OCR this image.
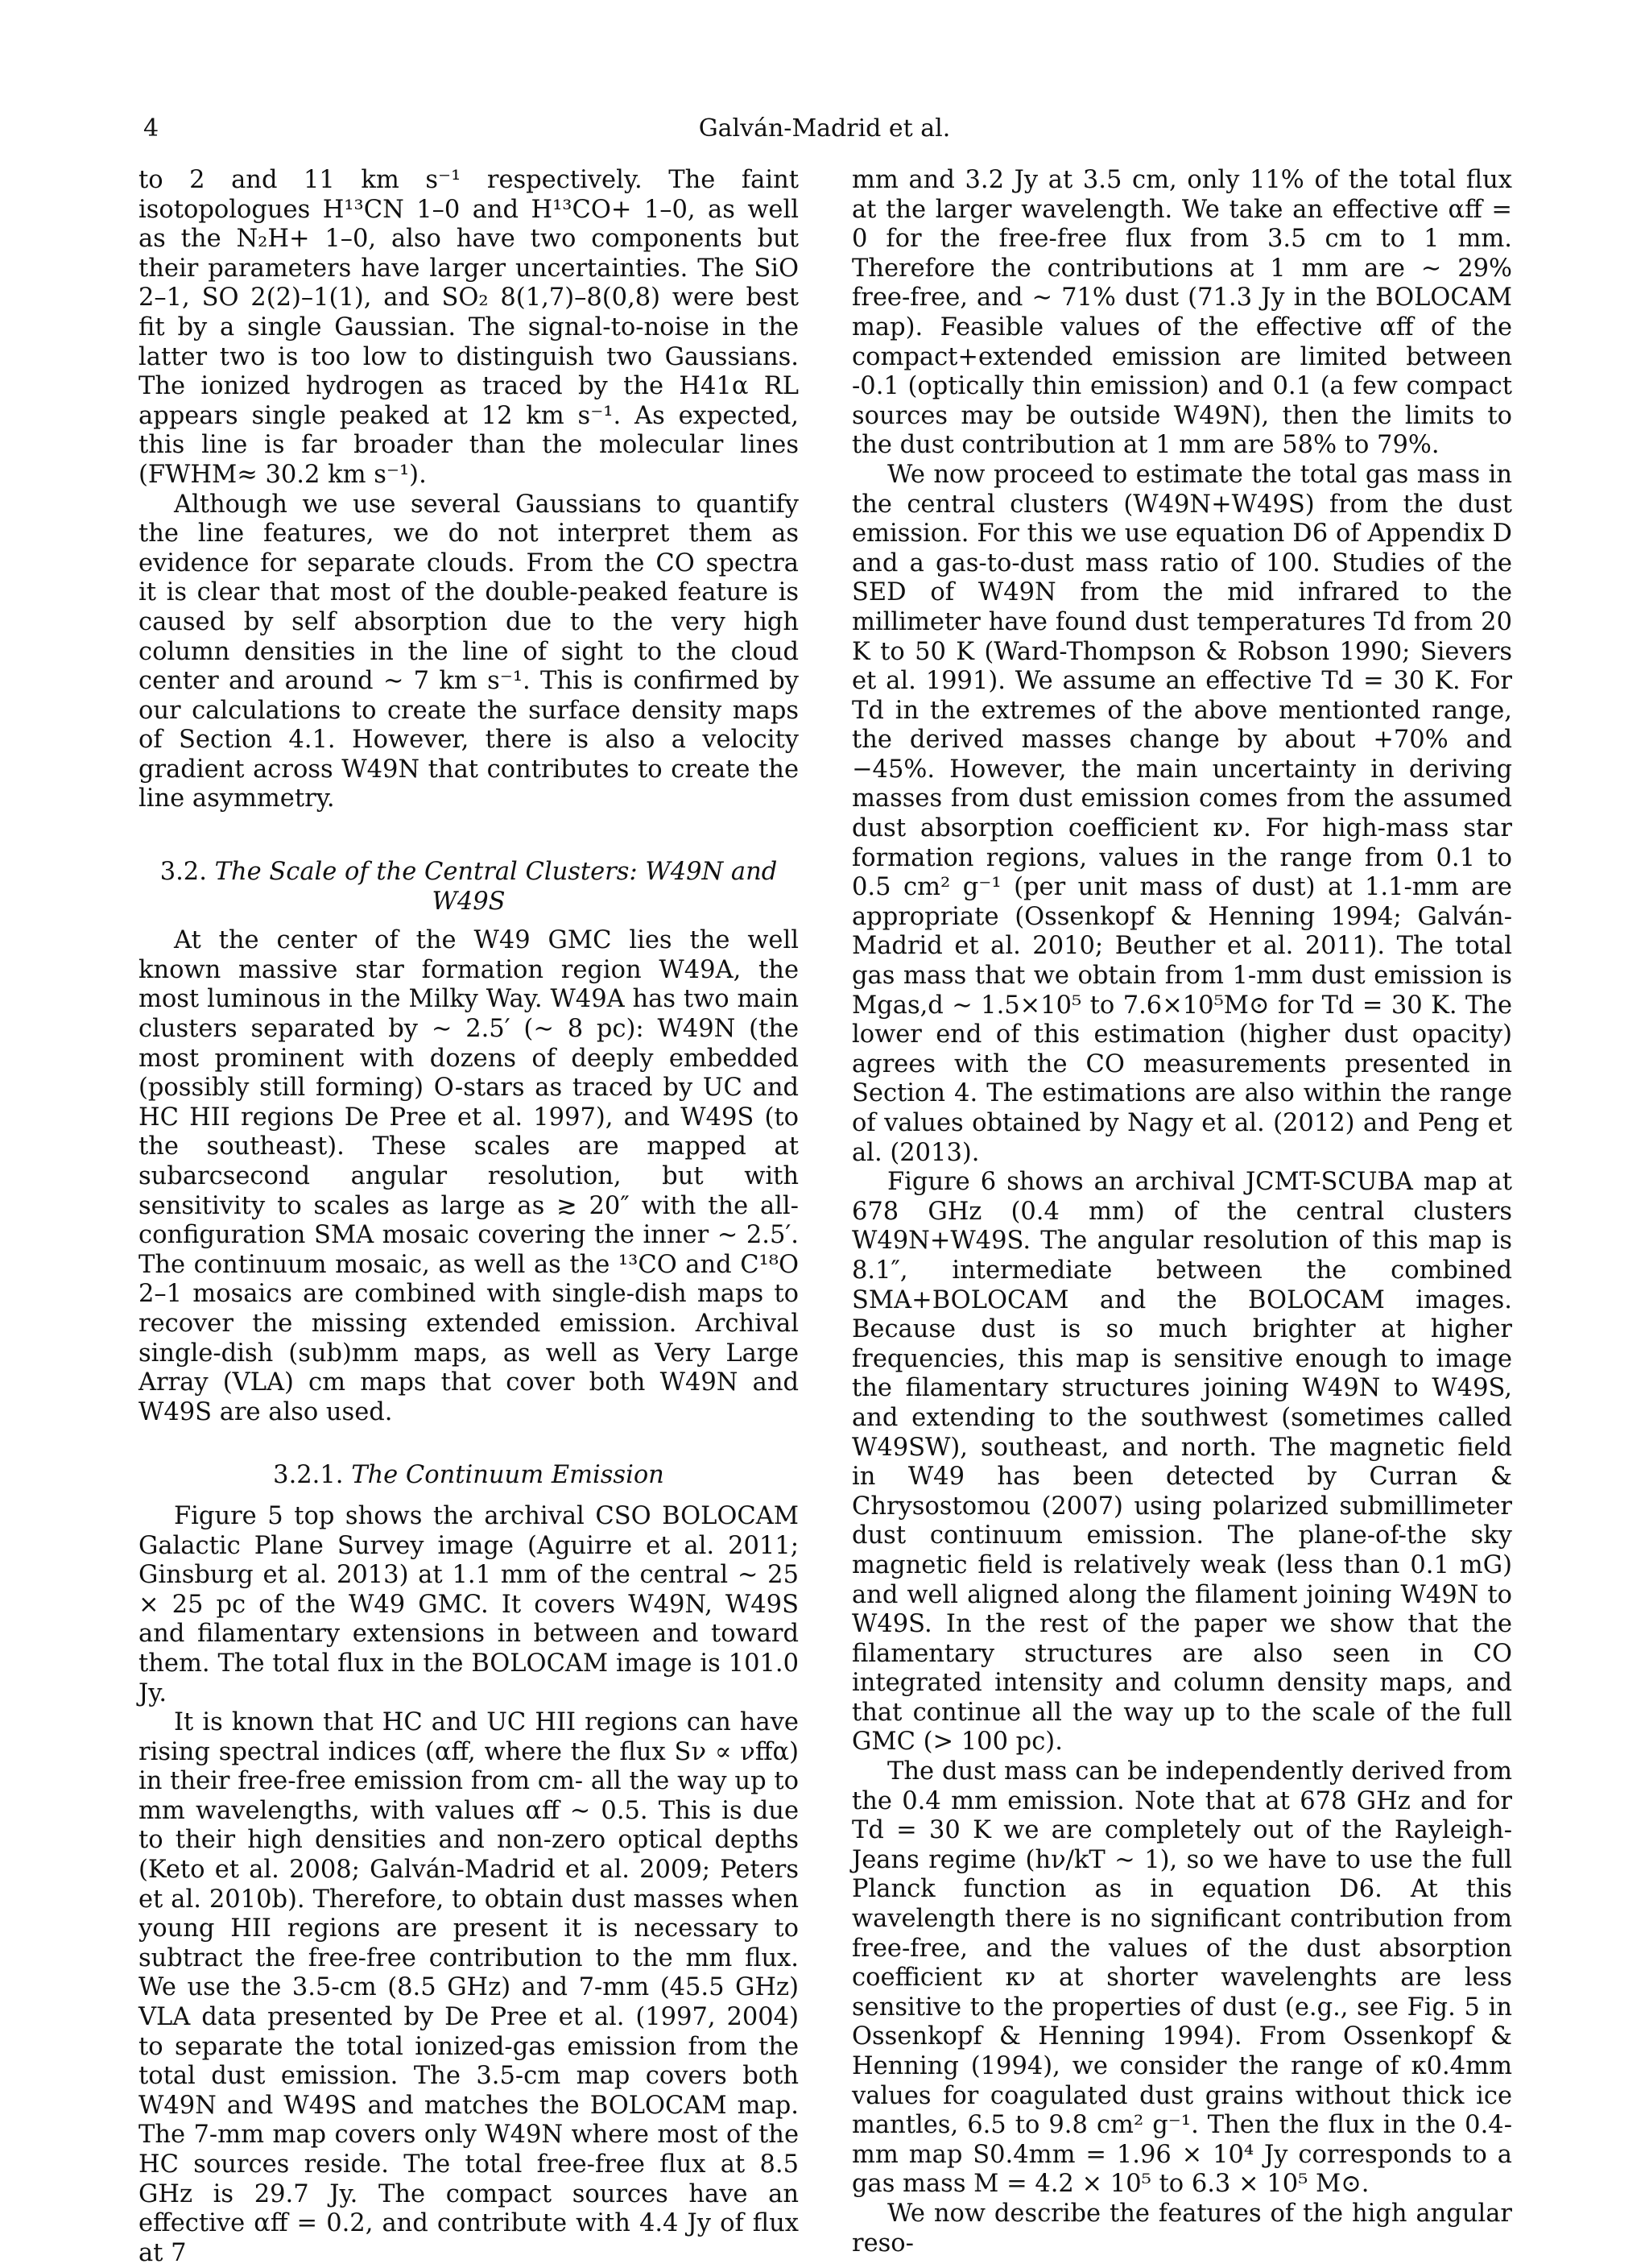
4	Galván-Madrid et al.

to 2 and 11 km s⁻¹ respectively. The faint isotopologues H¹³CN 1–0 and H¹³CO+ 1–0, as well as the N₂H+ 1–0, also have two components but their parameters have larger uncertainties. The SiO 2–1, SO 2(2)–1(1), and SO₂ 8(1,7)–8(0,8) were best fit by a single Gaussian. The signal-to-noise in the latter two is too low to distinguish two Gaussians. The ionized hydrogen as traced by the H41α RL appears single peaked at 12 km s⁻¹. As expected, this line is far broader than the molecular lines (FWHM≈ 30.2 km s⁻¹).

Although we use several Gaussians to quantify the line features, we do not interpret them as evidence for separate clouds. From the CO spectra it is clear that most of the double-peaked feature is caused by self absorption due to the very high column densities in the line of sight to the cloud center and around ∼ 7 km s⁻¹. This is confirmed by our calculations to create the surface density maps of Section 4.1. However, there is also a velocity gradient across W49N that contributes to create the line asymmetry.

3.2. The Scale of the Central Clusters: W49N and W49S

At the center of the W49 GMC lies the well known massive star formation region W49A, the most luminous in the Milky Way. W49A has two main clusters separated by ∼ 2.5′ (∼ 8 pc): W49N (the most prominent with dozens of deeply embedded (possibly still forming) O-stars as traced by UC and HC HII regions De Pree et al. 1997), and W49S (to the southeast). These scales are mapped at subarcsecond angular resolution, but with sensitivity to scales as large as ≳ 20″ with the all-configuration SMA mosaic covering the inner ∼ 2.5′. The continuum mosaic, as well as the ¹³CO and C¹⁸O 2–1 mosaics are combined with single-dish maps to recover the missing extended emission. Archival single-dish (sub)mm maps, as well as Very Large Array (VLA) cm maps that cover both W49N and W49S are also used.

3.2.1. The Continuum Emission

Figure 5 top shows the archival CSO BOLOCAM Galactic Plane Survey image (Aguirre et al. 2011; Ginsburg et al. 2013) at 1.1 mm of the central ∼ 25 × 25 pc of the W49 GMC. It covers W49N, W49S and filamentary extensions in between and toward them. The total flux in the BOLOCAM image is 101.0 Jy.

It is known that HC and UC HII regions can have rising spectral indices (αff, where the flux Sν ∝ νffα) in their free-free emission from cm- all the way up to mm wavelengths, with values αff ∼ 0.5. This is due to their high densities and non-zero optical depths (Keto et al. 2008; Galván-Madrid et al. 2009; Peters et al. 2010b). Therefore, to obtain dust masses when young HII regions are present it is necessary to subtract the free-free contribution to the mm flux. We use the 3.5-cm (8.5 GHz) and 7-mm (45.5 GHz) VLA data presented by De Pree et al. (1997, 2004) to separate the total ionized-gas emission from the total dust emission. The 3.5-cm map covers both W49N and W49S and matches the BOLOCAM map. The 7-mm map covers only W49N where most of the HC sources reside. The total free-free flux at 8.5 GHz is 29.7 Jy. The compact sources have an effective αff = 0.2, and contribute with 4.4 Jy of flux at 7

mm and 3.2 Jy at 3.5 cm, only 11% of the total flux at the larger wavelength. We take an effective αff = 0 for the free-free flux from 3.5 cm to 1 mm. Therefore the contributions at 1 mm are ∼ 29% free-free, and ∼ 71% dust (71.3 Jy in the BOLOCAM map). Feasible values of the effective αff of the compact+extended emission are limited between -0.1 (optically thin emission) and 0.1 (a few compact sources may be outside W49N), then the limits to the dust contribution at 1 mm are 58% to 79%.

We now proceed to estimate the total gas mass in the central clusters (W49N+W49S) from the dust emission. For this we use equation D6 of Appendix D and a gas-to-dust mass ratio of 100. Studies of the SED of W49N from the mid infrared to the millimeter have found dust temperatures Td from 20 K to 50 K (Ward-Thompson & Robson 1990; Sievers et al. 1991). We assume an effective Td = 30 K. For Td in the extremes of the above mentionted range, the derived masses change by about +70% and −45%. However, the main uncertainty in deriving masses from dust emission comes from the assumed dust absorption coefficient κν. For high-mass star formation regions, values in the range from 0.1 to 0.5 cm² g⁻¹ (per unit mass of dust) at 1.1-mm are appropriate (Ossenkopf & Henning 1994; Galván-Madrid et al. 2010; Beuther et al. 2011). The total gas mass that we obtain from 1-mm dust emission is Mgas,d ∼ 1.5×10⁵ to 7.6×10⁵M⊙ for Td = 30 K. The lower end of this estimation (higher dust opacity) agrees with the CO measurements presented in Section 4. The estimations are also within the range of values obtained by Nagy et al. (2012) and Peng et al. (2013).

Figure 6 shows an archival JCMT-SCUBA map at 678 GHz (0.4 mm) of the central clusters W49N+W49S. The angular resolution of this map is 8.1″, intermediate between the combined SMA+BOLOCAM and the BOLOCAM images. Because dust is so much brighter at higher frequencies, this map is sensitive enough to image the filamentary structures joining W49N to W49S, and extending to the southwest (sometimes called W49SW), southeast, and north. The magnetic field in W49 has been detected by Curran & Chrysostomou (2007) using polarized submillimeter dust continuum emission. The plane-of-the sky magnetic field is relatively weak (less than 0.1 mG) and well aligned along the filament joining W49N to W49S. In the rest of the paper we show that the filamentary structures are also seen in CO integrated intensity and column density maps, and that continue all the way up to the scale of the full GMC (> 100 pc).

The dust mass can be independently derived from the 0.4 mm emission. Note that at 678 GHz and for Td = 30 K we are completely out of the Rayleigh-Jeans regime (hν/kT ∼ 1), so we have to use the full Planck function as in equation D6. At this wavelength there is no significant contribution from free-free, and the values of the dust absorption coefficient κν at shorter wavelenghts are less sensitive to the properties of dust (e.g., see Fig. 5 in Ossenkopf & Henning 1994). From Ossenkopf & Henning (1994), we consider the range of κ0.4mm values for coagulated dust grains without thick ice mantles, 6.5 to 9.8 cm² g⁻¹. Then the flux in the 0.4-mm map S0.4mm = 1.96 × 10⁴ Jy corresponds to a gas mass M = 4.2 × 10⁵ to 6.3 × 10⁵ M⊙.

We now describe the features of the high angular reso-
